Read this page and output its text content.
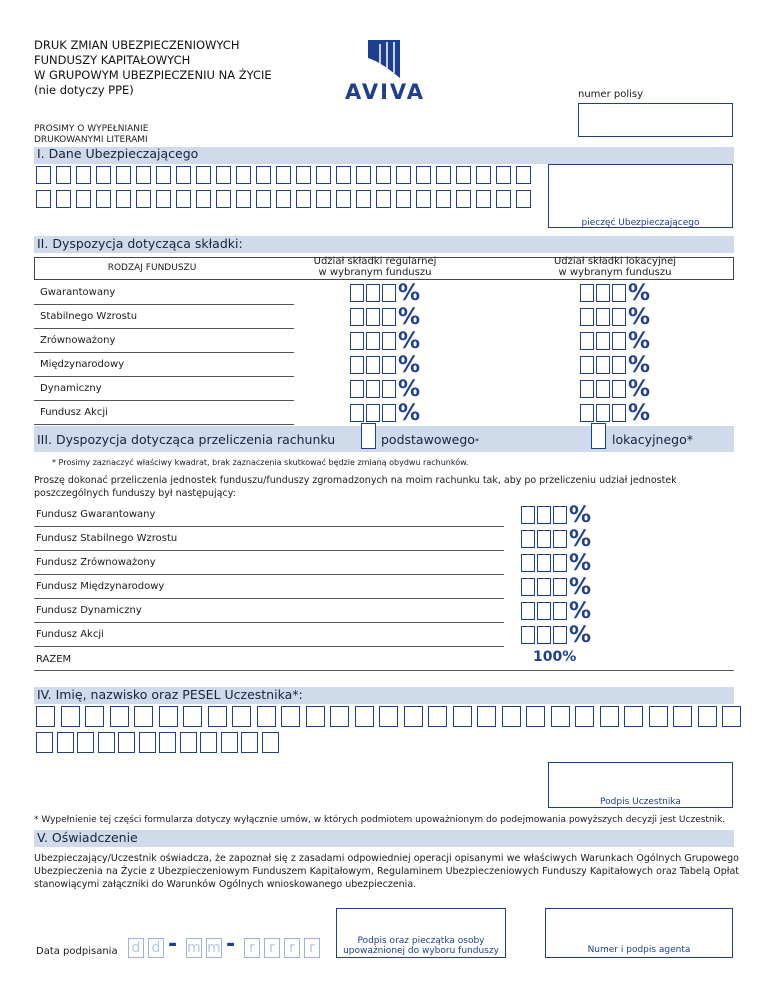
DRUK ZMIAN UBEZPIECZENIOWYCH
FUNDUSZY KAPITAŁOWYCH
W GRUPOWYM UBEZPIECZENIU NA ŻYCIE
(nie dotyczy PPE)	AVIVA	numer polisy
PROSIMY O WYPEŁNIANIE
DRUKOWANYMI LITERAMI
I. Dane Ubezpieczającego
pieczęć Ubezpieczającego
II. Dyspozycja dotycząca składki:
RODZAJ FUNDUSZU
Udział składki regularnej
w wybranym funduszu
Udział składki lokacyjnej
w wybranym funduszu
Gwarantowany	%	%
Stabilnego Wzrostu	%	%
Zrównoważony	%	%
Międzynarodowy	%	%
Dynamiczny	%	%
Fundusz Akcji	%	%
III. Dyspozycja dotycząca przeliczenia rachunku	podstawowego*	lokacyjnego*
* Prosimy zaznaczyć właściwy kwadrat, brak zaznaczenia skutkować będzie zmianą obydwu rachunków.
Proszę dokonać przeliczenia jednostek funduszu/funduszy zgromadzonych na moim rachunku tak, aby po przeliczeniu udział jednostek poszczególnych funduszy był następujący:
Fundusz Gwarantowany	%
Fundusz Stabilnego Wzrostu	%
Fundusz Zrównoważony	%
Fundusz Międzynarodowy	%
Fundusz Dynamiczny	%
Fundusz Akcji	%
RAZEM	100%
IV. Imię, nazwisko oraz PESEL Uczestnika*:
Podpis Uczestnika
* Wypełnienie tej części formularza dotyczy wyłącznie umów, w których podmiotem upoważnionym do podejmowania powyższych decyzji jest Uczestnik.
V. Oświadczenie
Ubezpieczający/Uczestnik oświadcza, że zapoznał się z zasadami odpowiedniej operacji opisanymi we właściwych Warunkach Ogólnych Grupowego Ubezpieczenia na Życie z Ubezpieczeniowym Funduszem Kapitałowym, Regulaminem Ubezpieczeniowych Funduszy Kapitałowych oraz Tabelą Opłat stanowiącymi załączniki do Warunków Ogólnych wnioskowanego ubezpieczenia.
Data podpisania d d m m	r	r	r	r
- -	Podpis oraz pieczątka osoby
upoważnionej do wyboru funduszy	Numer i podpis agenta
